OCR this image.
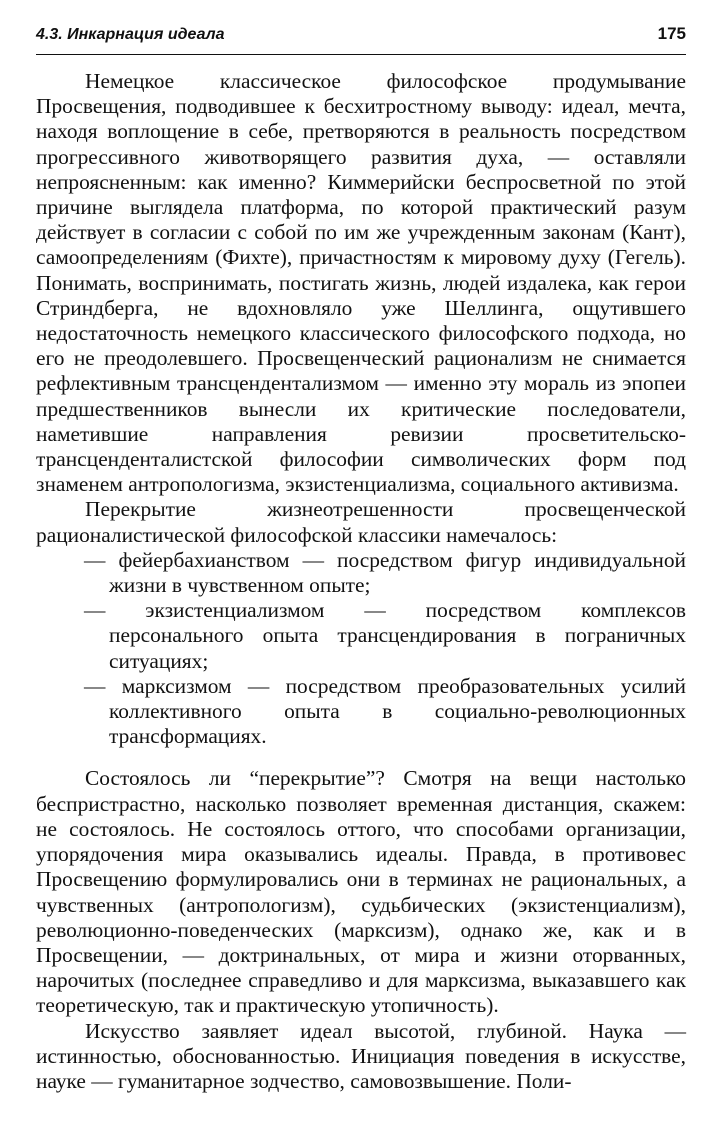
4.3. Инкарнация идеала	175

Немецкое классическое философское продумывание Просвещения, подводившее к бесхитростному выводу: идеал, мечта, находя воплощение в себе, претворяются в реальность посредством прогрессивного животворящего развития духа, — оставляли непроясненным: как именно? Киммерийски беспросветной по этой причине выглядела платформа, по которой практический разум действует в согласии с собой по им же учрежденным законам (Кант), самоопределениям (Фихте), причастностям к мировому духу (Гегель). Понимать, воспринимать, постигать жизнь, людей издалека, как герои Стриндберга, не вдохновляло уже Шеллинга, ощутившего недостаточность немецкого классического философского подхода, но его не преодолевшего. Просвещенческий рационализм не снимается рефлективным трансцендентализмом — именно эту мораль из эпопеи предшественников вынесли их критические последователи, наметившие направления ревизии просветительско-трансценденталистской философии символических форм под знаменем антропологизма, экзистенциализма, социального активизма.

Перекрытие жизнеотрешенности просвещенческой рационалистической философской классики намечалось:

— фейербахианством — посредством фигур индивидуальной жизни в чувственном опыте;
— экзистенциализмом — посредством комплексов персонального опыта трансцендирования в пограничных ситуациях;
— марксизмом — посредством преобразовательных усилий коллективного опыта в социально-революционных трансформациях.

Состоялось ли “перекрытие”? Смотря на вещи настолько беспристрастно, насколько позволяет временная дистанция, скажем: не состоялось. Не состоялось оттого, что способами организации, упорядочения мира оказывались идеалы. Правда, в противовес Просвещению формулировались они в терминах не рациональных, а чувственных (антропологизм), судьбических (экзистенциализм), революционно-поведенческих (марксизм), однако же, как и в Просвещении, — доктринальных, от мира и жизни оторванных, нарочитых (последнее справедливо и для марксизма, выказавшего как теоретическую, так и практическую утопичность).

Искусство заявляет идеал высотой, глубиной. Наука — истинностью, обоснованностью. Инициация поведения в искусстве, науке — гуманитарное зодчество, самовозвышение. Поли-
